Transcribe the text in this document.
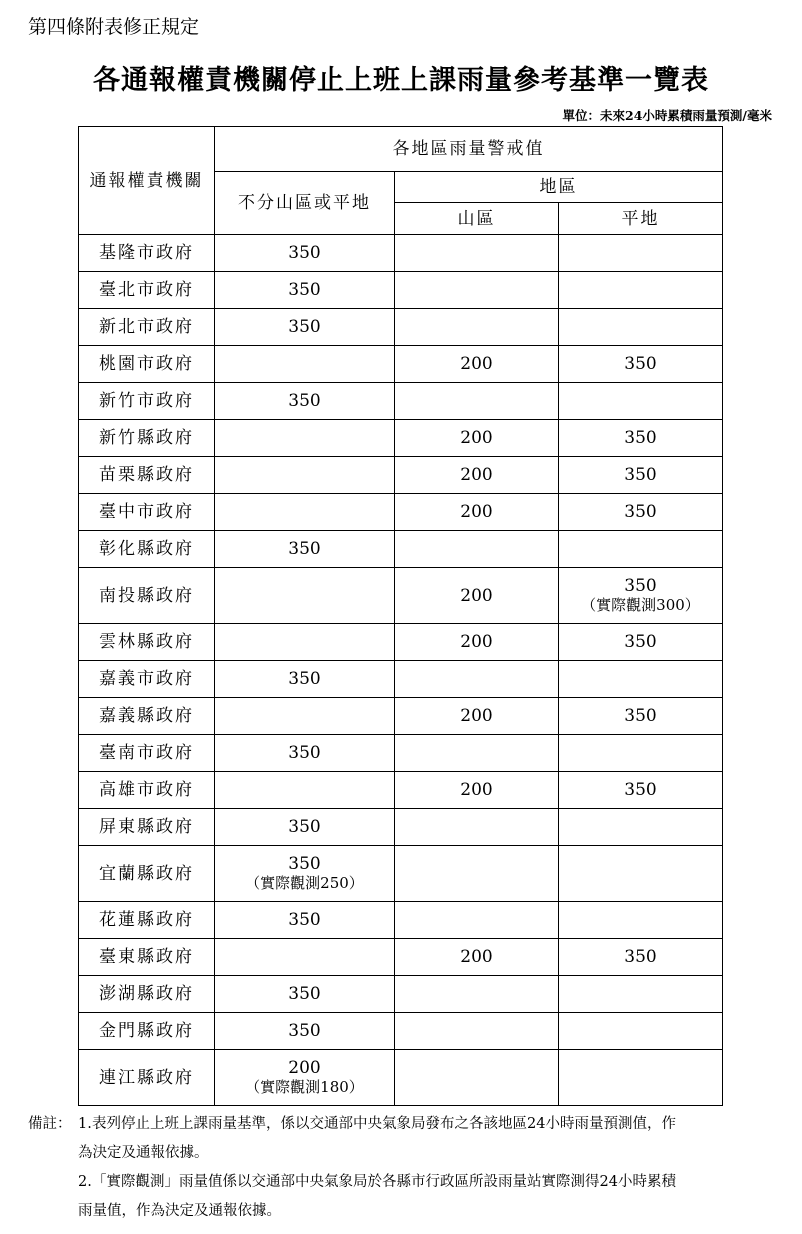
第四條附表修正規定
各通報權責機關停止上班上課雨量參考基準一覽表
單位：未來24小時累積雨量預測/毫米
通報權責機關	各地區雨量警戒值		
	不分山區或平地	地區	
		山區	平地
基隆市政府	350		

臺北市政府	350		

新北市政府	350		

桃園市政府		200	350

新竹市政府	350		

新竹縣政府		200	350

苗栗縣政府		200	350

臺中市政府		200	350

彰化縣政府	350		

南投縣政府		200	350
（實際觀測300）

雲林縣政府		200	350

嘉義市政府	350		

嘉義縣政府		200	350

臺南市政府	350		

高雄市政府		200	350

屏東縣政府	350		

宜蘭縣政府	350
（實際觀測250）		

花蓮縣政府	350		

臺東縣政府		200	350

澎湖縣政府	350		

金門縣政府	350		

連江縣政府	200
（實際觀測180）		

備註： 1. 表列停止上班上課雨量基準，係以交通部中央氣象局發布之各該地區24小時雨量預測值，作
為決定及通報依據。
2. 「實際觀測」雨量值係以交通部中央氣象局於各縣市行政區所設雨量站實際測得24小時累積
雨量值，作為決定及通報依據。
